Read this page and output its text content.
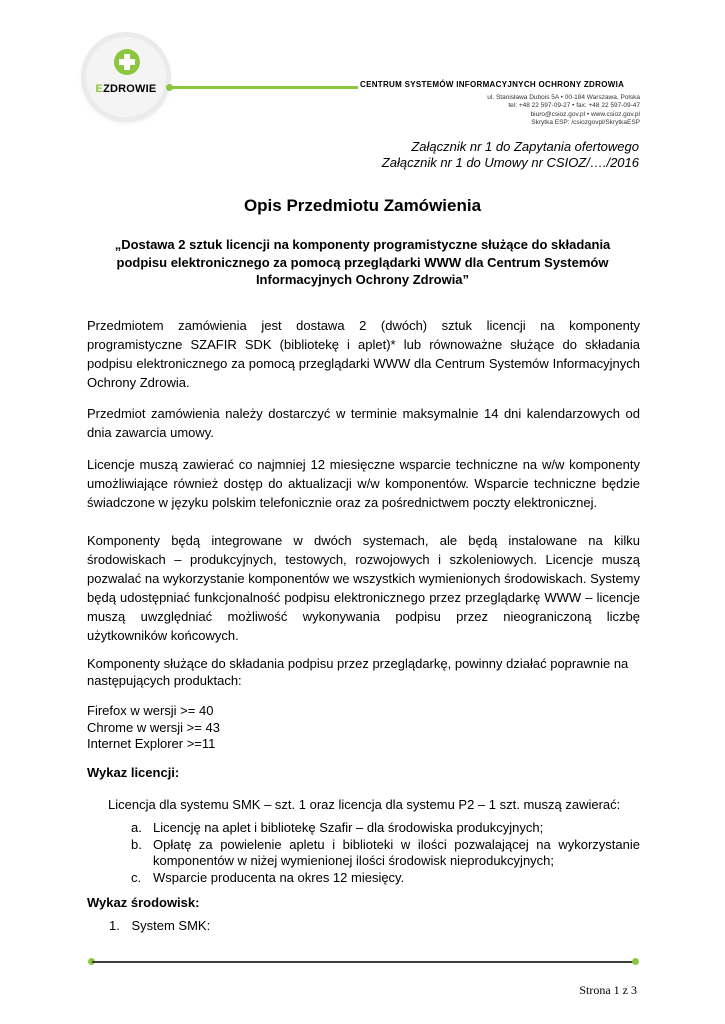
EZDROWIE	CENTRUM SYSTEMÓW INFORMACYJNYCH OCHRONY ZDROWIA
ul. Stanisława Dubois 5A • 00-184 Warszawa, Polska
tel: +48 22 597-09-27 • fax: +48 22 597-09-47
biuro@csioz.gov.pl • www.csioz.gov.pl
Skrytka ESP: /csiozgovpl/SkrytkaESP
Załącznik nr 1 do Zapytania ofertowego
Załącznik nr 1 do Umowy nr CSIOZ/…./2016
Opis Przedmiotu Zamówienia
„Dostawa 2 sztuk licencji na komponenty programistyczne służące do składania podpisu elektronicznego za pomocą przeglądarki WWW dla Centrum Systemów Informacyjnych Ochrony Zdrowia”
Przedmiotem zamówienia jest dostawa 2 (dwóch) sztuk licencji na komponenty programistyczne SZAFIR SDK (bibliotekę i aplet)* lub równoważne służące do składania podpisu elektronicznego za pomocą przeglądarki WWW dla Centrum Systemów Informacyjnych Ochrony Zdrowia.
Przedmiot zamówienia należy dostarczyć w terminie maksymalnie 14 dni kalendarzowych od dnia zawarcia umowy.
Licencje muszą zawierać co najmniej 12 miesięczne wsparcie techniczne na w/w komponenty umożliwiające również dostęp do aktualizacji w/w komponentów. Wsparcie techniczne będzie świadczone w języku polskim telefonicznie oraz za pośrednictwem poczty elektronicznej.
Komponenty będą integrowane w dwóch systemach, ale będą instalowane na kilku środowiskach – produkcyjnych, testowych, rozwojowych i szkoleniowych. Licencje muszą pozwalać na wykorzystanie komponentów we wszystkich wymienionych środowiskach. Systemy będą udostępniać funkcjonalność podpisu elektronicznego przez przeglądarkę WWW – licencje muszą uwzględniać możliwość wykonywania podpisu przez nieograniczoną liczbę użytkowników końcowych.
Komponenty służące do składania podpisu przez przeglądarkę, powinny działać poprawnie na następujących produktach:
Firefox w wersji >= 40
Chrome w wersji >= 43
Internet Explorer >=11
Wykaz licencji:
Licencja dla systemu SMK – szt. 1 oraz licencja dla systemu P2 – 1 szt. muszą zawierać:
a. Licencję na aplet i bibliotekę Szafir – dla środowiska produkcyjnych;
b. Opłatę za powielenie apletu i biblioteki w ilości pozwalającej na wykorzystanie komponentów w niżej wymienionej ilości środowisk nieprodukcyjnych;
c. Wsparcie producenta na okres 12 miesięcy.
Wykaz środowisk:
1. System SMK:
Strona 1 z 3
